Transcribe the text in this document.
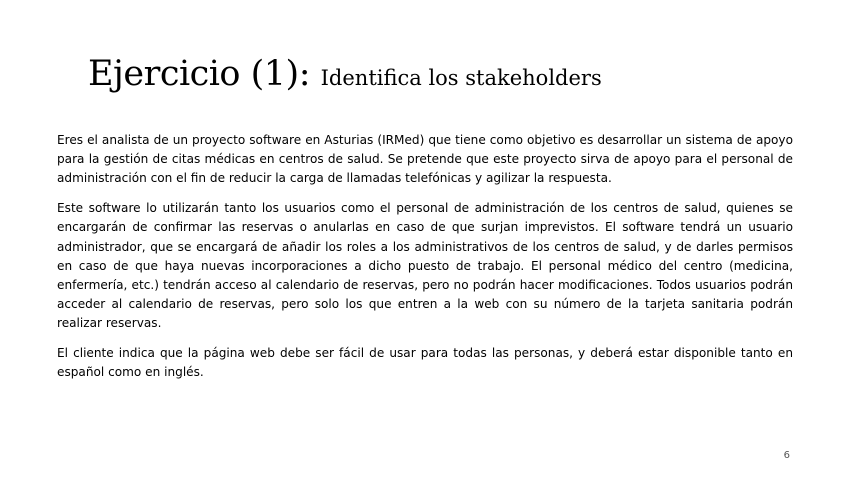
Ejercicio (1): Identifica los stakeholders

Eres el analista de un proyecto software en Asturias (IRMed) que tiene como objetivo es desarrollar un sistema de apoyo para la gestión de citas médicas en centros de salud. Se pretende que este proyecto sirva de apoyo para el personal de administración con el fin de reducir la carga de llamadas telefónicas y agilizar la respuesta.

Este software lo utilizarán tanto los usuarios como el personal de administración de los centros de salud, quienes se encargarán de confirmar las reservas o anularlas en caso de que surjan imprevistos. El software tendrá un usuario administrador, que se encargará de añadir los roles a los administrativos de los centros de salud, y de darles permisos en caso de que haya nuevas incorporaciones a dicho puesto de trabajo. El personal médico del centro (medicina, enfermería, etc.) tendrán acceso al calendario de reservas, pero no podrán hacer modificaciones. Todos usuarios podrán acceder al calendario de reservas, pero solo los que entren a la web con su número de la tarjeta sanitaria podrán realizar reservas.

El cliente indica que la página web debe ser fácil de usar para todas las personas, y deberá estar disponible tanto en español como en inglés.

6
